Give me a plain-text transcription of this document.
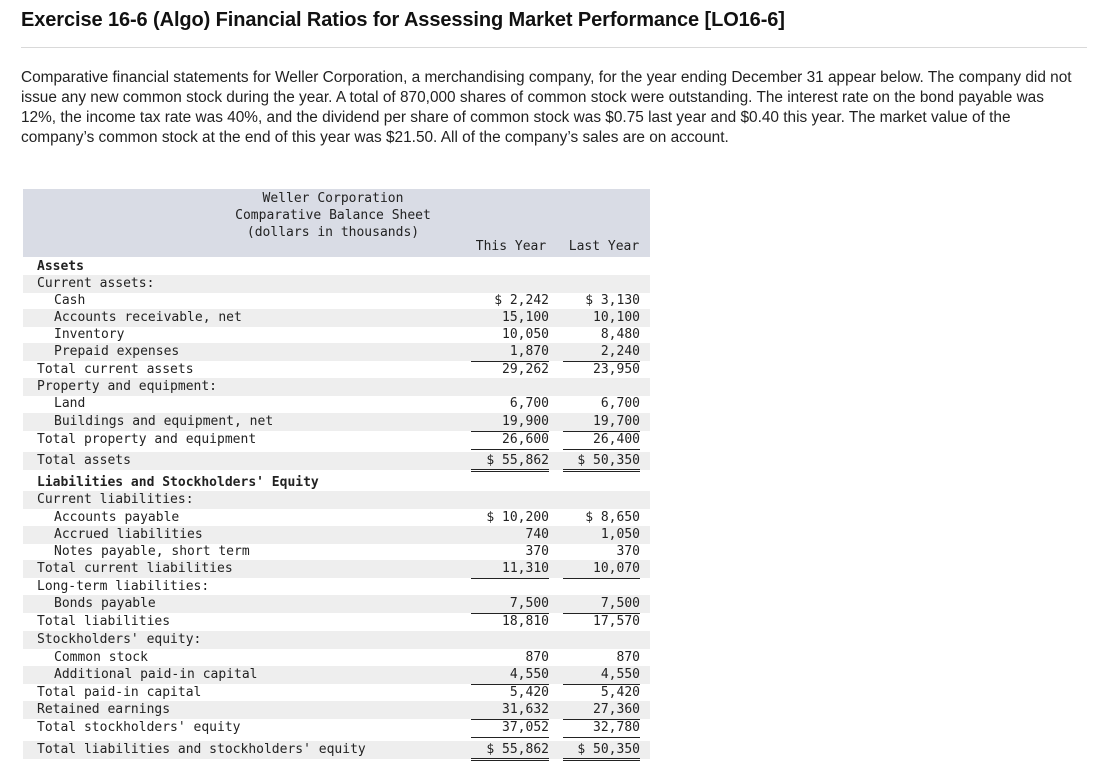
Exercise 16-6 (Algo) Financial Ratios for Assessing Market Performance [LO16-6]
Comparative financial statements for Weller Corporation, a merchandising company, for the year ending December 31 appear below. The company did not issue any new common stock during the year. A total of 870,000 shares of common stock were outstanding. The interest rate on the bond payable was 12%, the income tax rate was 40%, and the dividend per share of common stock was $0.75 last year and $0.40 this year. The market value of the company’s common stock at the end of this year was $21.50. All of the company’s sales are on account.
Weller Corporation
Comparative Balance Sheet
(dollars in thousands)
This Year	Last Year
Assets
Current assets:
Cash	$ 2,242	$ 3,130
Accounts receivable, net	15,100	10,100
Inventory	10,050	8,480
Prepaid expenses	1,870	2,240
Total current assets	29,262	23,950
Property and equipment:
Land	6,700	6,700
Buildings and equipment, net	19,900	19,700
Total property and equipment	26,600	26,400
Total assets	$ 55,862 $ 50,350
Liabilities and Stockholders' Equity
Current liabilities:
Accounts payable	$ 10,200	$ 8,650
Accrued liabilities	740	1,050
Notes payable, short term	370	370
Total current liabilities	11,310	10,070
Long-term liabilities:
Bonds payable	7,500	7,500
Total liabilities	18,810	17,570
Stockholders' equity:
Common stock	870	870
Additional paid-in capital	4,550	4,550
Total paid-in capital	5,420	5,420
Retained earnings	31,632	27,360
Total stockholders' equity	37,052	32,780
Total liabilities and stockholders' equity	$ 55,862 $ 50,350
